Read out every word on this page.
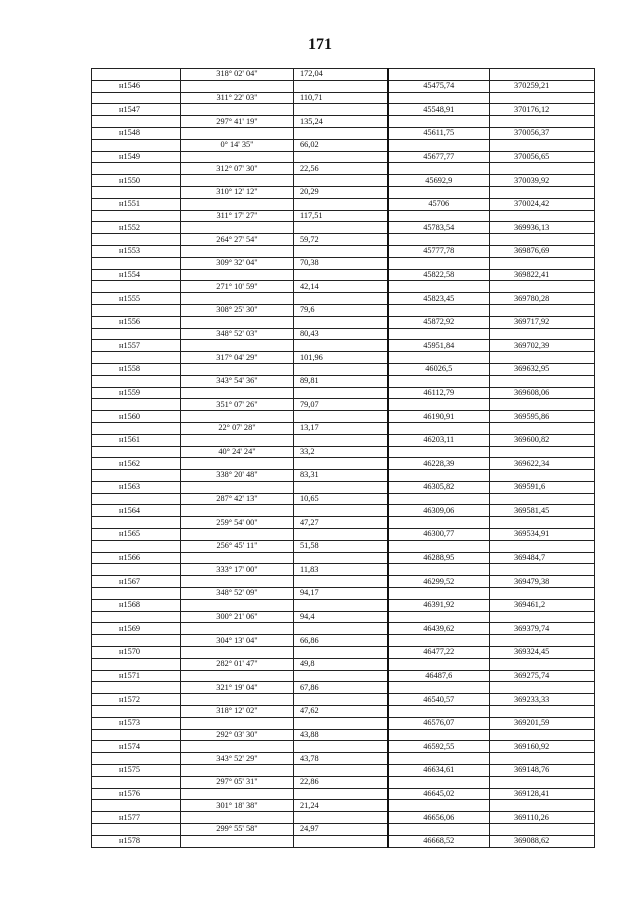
171
	318° 02' 04"	172,04		
н1546			45475,74	370259,21
	311° 22' 03"	110,71		
н1547			45548,91	370176,12
	297° 41' 19"	135,24		
н1548			45611,75	370056,37
	0° 14' 35"	66,02		
н1549			45677,77	370056,65
	312° 07' 30"	22,56		
н1550			45692,9	370039,92
	310° 12' 12"	20,29		
н1551			45706	370024,42
	311° 17' 27"	117,51		
н1552			45783,54	369936,13
	264° 27' 54"	59,72		
н1553			45777,78	369876,69
	309° 32' 04"	70,38		
н1554			45822,58	369822,41
	271° 10' 59"	42,14		
н1555			45823,45	369780,28
	308° 25' 30"	79,6		
н1556			45872,92	369717,92
	348° 52' 03"	80,43		
н1557			45951,84	369702,39
	317° 04' 29"	101,96		
н1558			46026,5	369632,95
	343° 54' 36"	89,81		
н1559			46112,79	369608,06
	351° 07' 26"	79,07		
н1560			46190,91	369595,86
	22° 07' 28"	13,17		
н1561			46203,11	369600,82
	40° 24' 24"	33,2		
н1562			46228,39	369622,34
	338° 20' 48"	83,31		
н1563			46305,82	369591,6
	287° 42' 13"	10,65		
н1564			46309,06	369581,45
	259° 54' 00"	47,27		
н1565			46300,77	369534,91
	256° 45' 11"	51,58		
н1566			46288,95	369484,7
	333° 17' 00"	11,83		
н1567			46299,52	369479,38
	348° 52' 09"	94,17		
н1568			46391,92	369461,2
	300° 21' 06"	94,4		
н1569			46439,62	369379,74
	304° 13' 04"	66,86		
н1570			46477,22	369324,45
	282° 01' 47"	49,8		
н1571			46487,6	369275,74
	321° 19' 04"	67,86		
н1572			46540,57	369233,33
	318° 12' 02"	47,62		
н1573			46576,07	369201,59
	292° 03' 30"	43,88		
н1574			46592,55	369160,92
	343° 52' 29"	43,78		
н1575			46634,61	369148,76
	297° 05' 31"	22,86		
н1576			46645,02	369128,41
	301° 18' 38"	21,24		
н1577			46656,06	369110,26
	299° 55' 58"	24,97		
н1578			46668,52	369088,62
